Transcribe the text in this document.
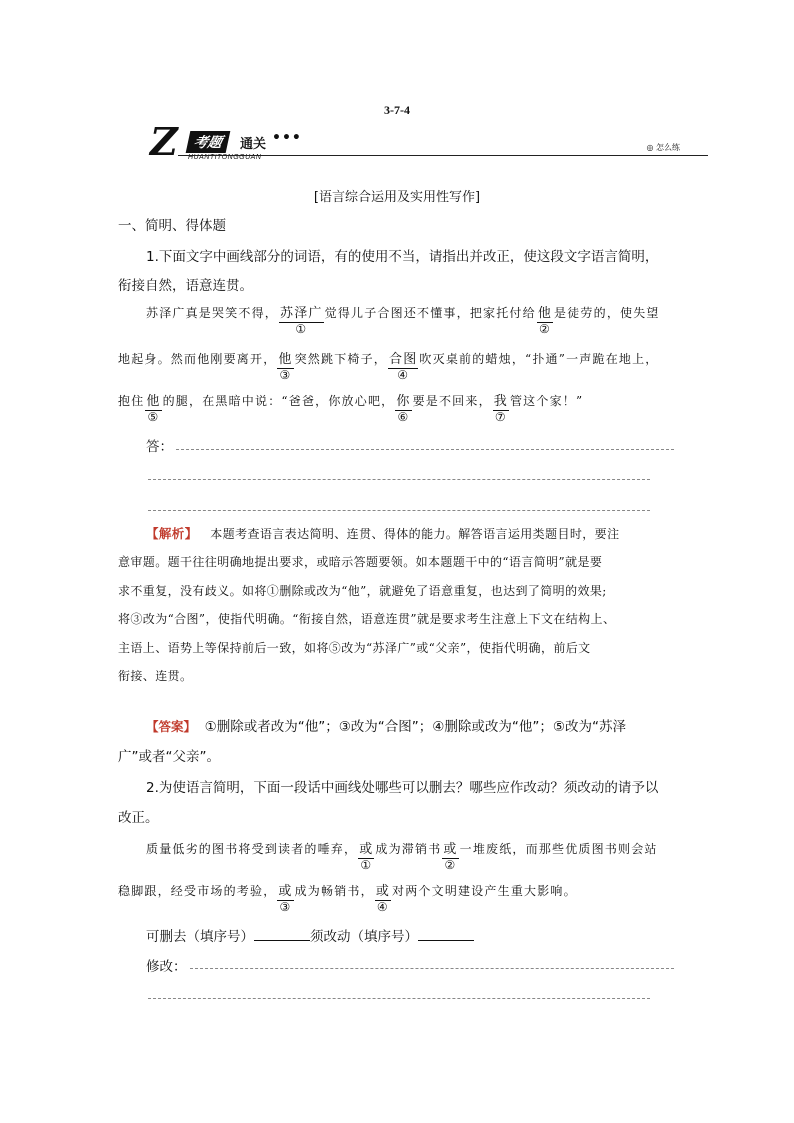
3-7-4
Z	考题	通关 •••
HUANTITONGGUAN
◎ 怎么练
[语言综合运用及实用性写作]
一、简明、得体题
1.下面文字中画线部分的词语，有的使用不当，请指出并改正，使这段文字语言简明，
衔接自然，语意连贯。
苏泽广真是哭笑不得， 苏泽广
①
觉得儿子合图还不懂事，把家托付给 他
②
是徒劳的，使失望
地起身。然而他刚要离开， 他
③
突然跳下椅子， 合图
④
吹灭桌前的蜡烛，“扑通”一声跪在地上，
抱住 他
⑤
的腿，在黑暗中说：“爸爸，你放心吧， 你
⑥
要是不回来， 我
⑦
管这个家！”
答：
【解析】 本题考查语言表达简明、连贯、得体的能力。解答语言运用类题目时，要注
意审题。题干往往明确地提出要求，或暗示答题要领。如本题题干中的“语言简明”就是要
求不重复，没有歧义。如将①删除或改为“他”，就避免了语意重复，也达到了简明的效果;
将③改为“合图”，使指代明确。“衔接自然，语意连贯”就是要求考生注意上下文在结构上、
主语上、语势上等保持前后一致，如将⑤改为“苏泽广”或“父亲”，使指代明确，前后文
衔接、连贯。
【答案】 ①删除或者改为“他”；③改为“合图”；④删除或改为“他”；⑤改为“苏泽
广”或者“父亲”。
2.为使语言简明，下面一段话中画线处哪些可以删去？哪些应作改动？须改动的请予以
改正。
质量低劣的图书将受到读者的唾弃， 或
①
成为滞销书 或
②
一堆废纸，而那些优质图书则会站
稳脚跟，经受市场的考验， 或
③
成为畅销书， 或
④
对两个文明建设产生重大影响。
可删去（填序号）	须改动（填序号）
修改：
